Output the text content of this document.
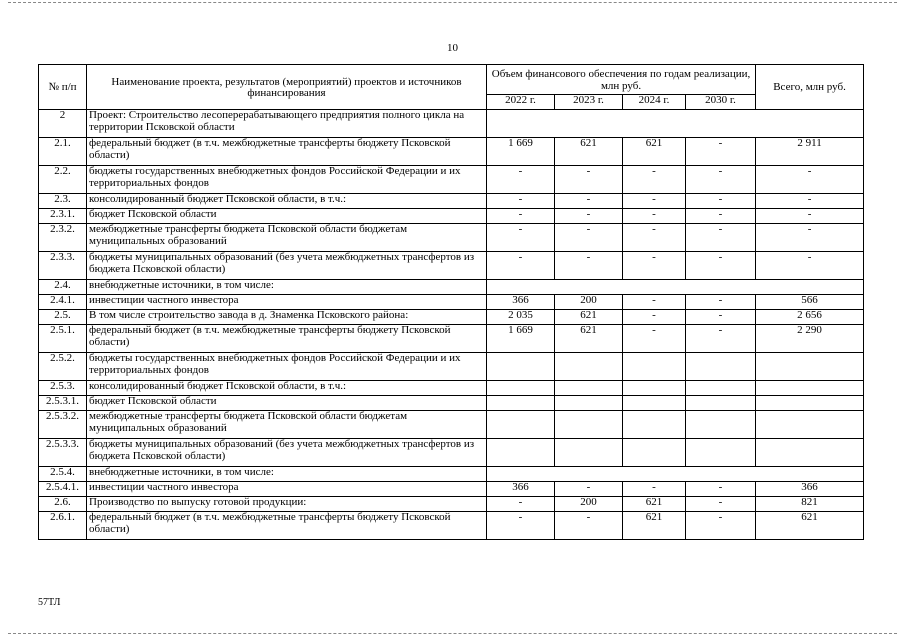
10
№ п/п	Наименование проекта, результатов (мероприятий) проектов и источников финансирования	Объем финансового обеспечения по годам реализации, млн руб.				Всего, млн руб.
		2022 г.	2023 г.	2024 г.	2030 г.	
2	Проект: Строительство лесоперерабатывающего предприятия полного цикла на территории Псковской области					
2.1.	федеральный бюджет (в т.ч. межбюджетные трансферты бюджету Псковской области)	1 669	621	621	-	2 911
2.2.	бюджеты государственных внебюджетных фондов Российской Федерации и их территориальных фондов	-	-	-	-	-
2.3.	консолидированный бюджет Псковской области, в т.ч.:	-	-	-	-	-
2.3.1.	бюджет Псковской области	-	-	-	-	-
2.3.2.	межбюджетные трансферты бюджета Псковской области бюджетам муниципальных образований	-	-	-	-	-
2.3.3.	бюджеты муниципальных образований (без учета межбюджетных трансфертов из бюджета Псковской области)	-	-	-	-	-
2.4.	внебюджетные источники, в том числе:					
2.4.1.	инвестиции частного инвестора	366	200	-	-	566
2.5.	В том числе строительство завода в д. Знаменка Псковского района:	2 035	621	-	-	2 656
2.5.1.	федеральный бюджет (в т.ч. межбюджетные трансферты бюджету Псковской области)	1 669	621	-	-	2 290
2.5.2.	бюджеты государственных внебюджетных фондов Российской Федерации и их территориальных фондов					
2.5.3.	консолидированный бюджет Псковской области, в т.ч.:					
2.5.3.1.	бюджет Псковской области					
2.5.3.2.	межбюджетные трансферты бюджета Псковской области бюджетам муниципальных образований					
2.5.3.3.	бюджеты муниципальных образований (без учета межбюджетных трансфертов из бюджета Псковской области)					
2.5.4.	внебюджетные источники, в том числе:					
2.5.4.1.	инвестиции частного инвестора	366	-	-	-	366
2.6.	Производство по выпуску готовой продукции:	-	200	621	-	821
2.6.1.	федеральный бюджет (в т.ч. межбюджетные трансферты бюджету Псковской области)	-	-	621	-	621
57ТЛ
